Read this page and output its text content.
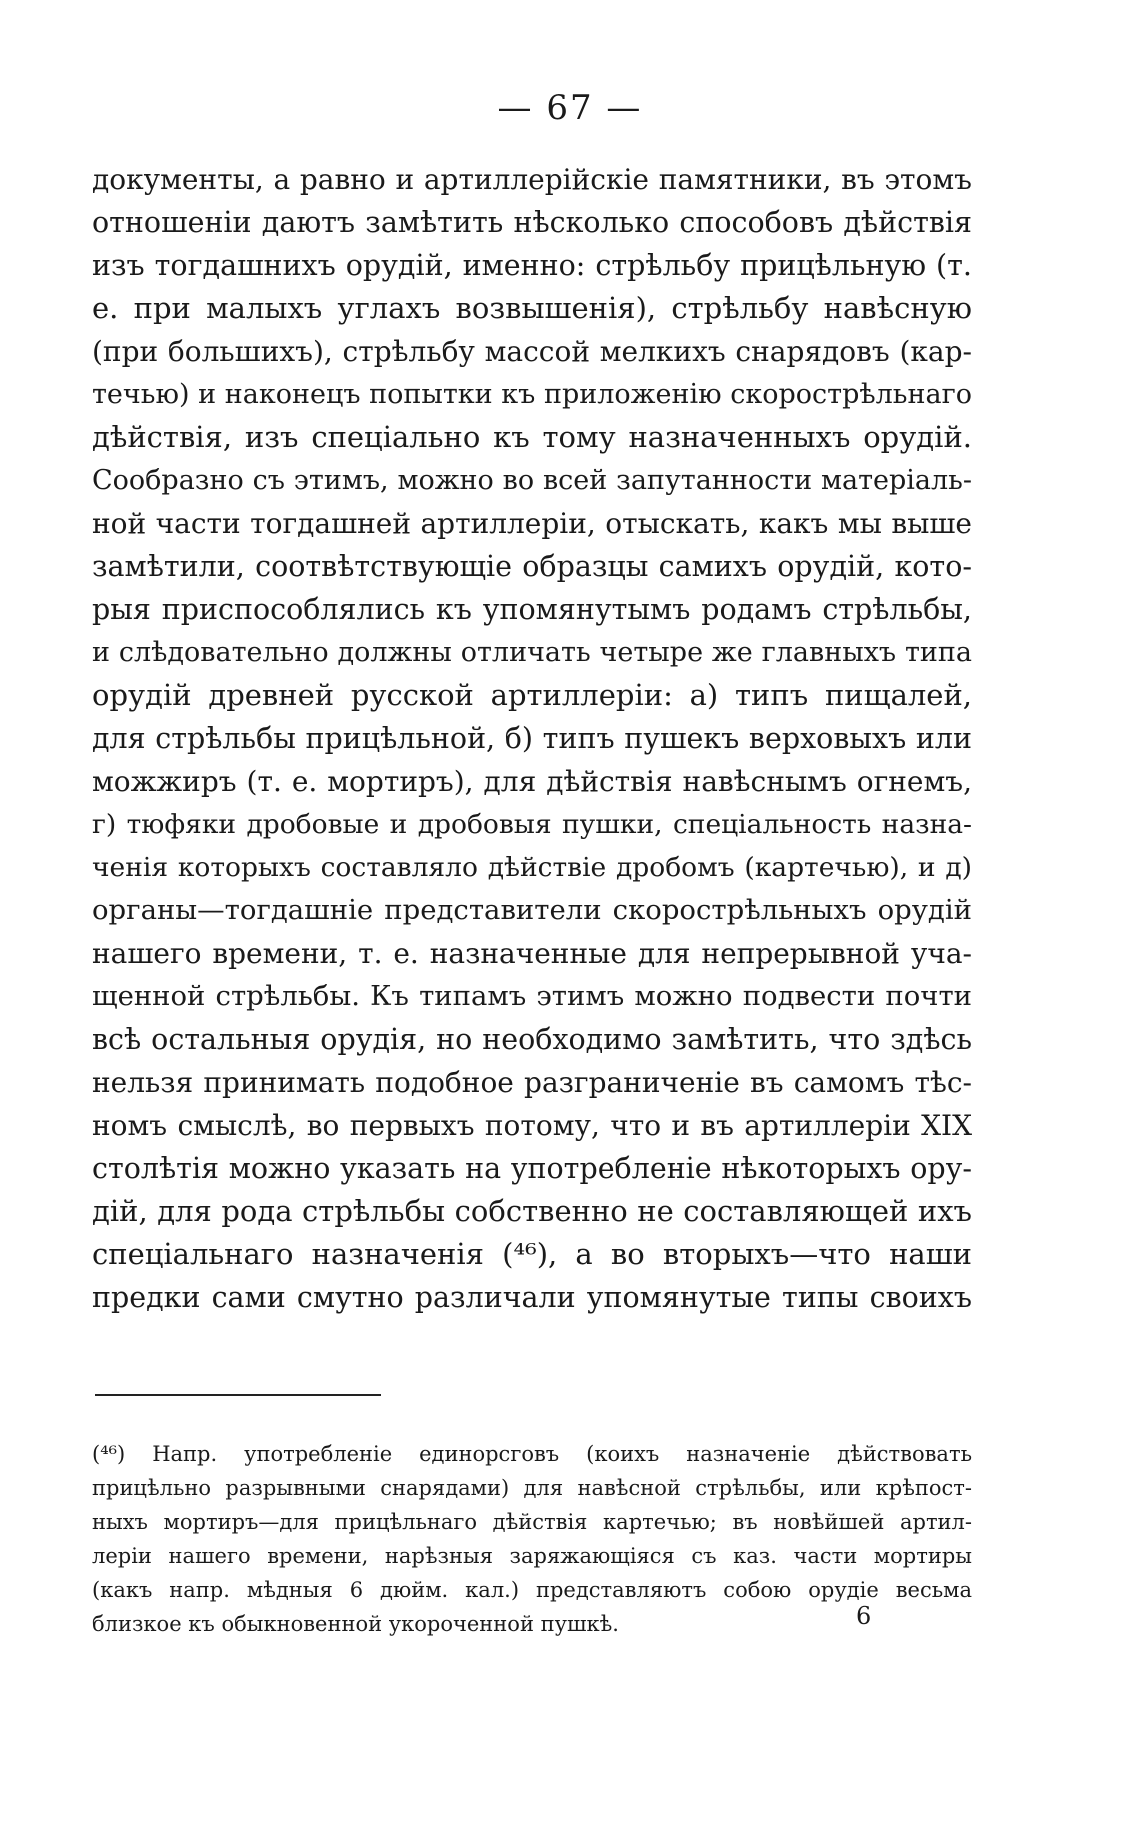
— 67 —
документы, а равно и артиллерійскіе памятники, въ этомъ
отношеніи даютъ замѣтить нѣсколько способовъ дѣйствія
изъ тогдашнихъ орудій, именно: стрѣльбу прицѣльную (т.
е. при малыхъ углахъ возвышенія), стрѣльбу навѣсную
(при большихъ), стрѣльбу массой мелкихъ снарядовъ (кар-
течью) и наконецъ попытки къ приложенію скорострѣльнаго
дѣйствія, изъ спеціально къ тому назначенныхъ орудій.
Сообразно съ этимъ, можно во всей запутанности матеріаль-
ной части тогдашней артиллеріи, отыскать, какъ мы выше
замѣтили, соотвѣтствующіе образцы самихъ орудій, кото-
рыя приспособлялись къ упомянутымъ родамъ стрѣльбы,
и слѣдовательно должны отличать четыре же главныхъ типа
орудій древней русской артиллеріи: а) типъ пищалей,
для стрѣльбы прицѣльной, б) типъ пушекъ верховыхъ или
можжиръ (т. е. мортиръ), для дѣйствія навѣснымъ огнемъ,
г) тюфяки дробовые и дробовыя пушки, спеціальность назна-
ченія которыхъ составляло дѣйствіе дробомъ (картечью), и д)
органы—тогдашніе представители скорострѣльныхъ орудій
нашего времени, т. е. назначенные для непрерывной уча-
щенной стрѣльбы. Къ типамъ этимъ можно подвести почти
всѣ остальныя орудія, но необходимо замѣтить, что здѣсь
нельзя принимать подобное разграниченіе въ самомъ тѣс-
номъ смыслѣ, во первыхъ потому, что и въ артиллеріи XIX
столѣтія можно указать на употребленіе нѣкоторыхъ ору-
дій, для рода стрѣльбы собственно не составляющей ихъ
спеціальнаго назначенія (⁴⁶), а во вторыхъ—что наши
предки сами смутно различали упомянутые типы своихъ
(⁴⁶) Напр. употребленіе единорсговъ (коихъ назначеніе дѣйствовать
прицѣльно разрывными снарядами) для навѣсной стрѣльбы, или крѣпост-
ныхъ мортиръ—для прицѣльнаго дѣйствія картечью; въ новѣйшей артил-
леріи нашего времени, нарѣзныя заряжающіяся съ каз. части мортиры
(какъ напр. мѣдныя 6 дюйм. кал.) представляютъ собою орудіе весьма
близкое къ обыкновенной укороченной пушкѣ.	6
